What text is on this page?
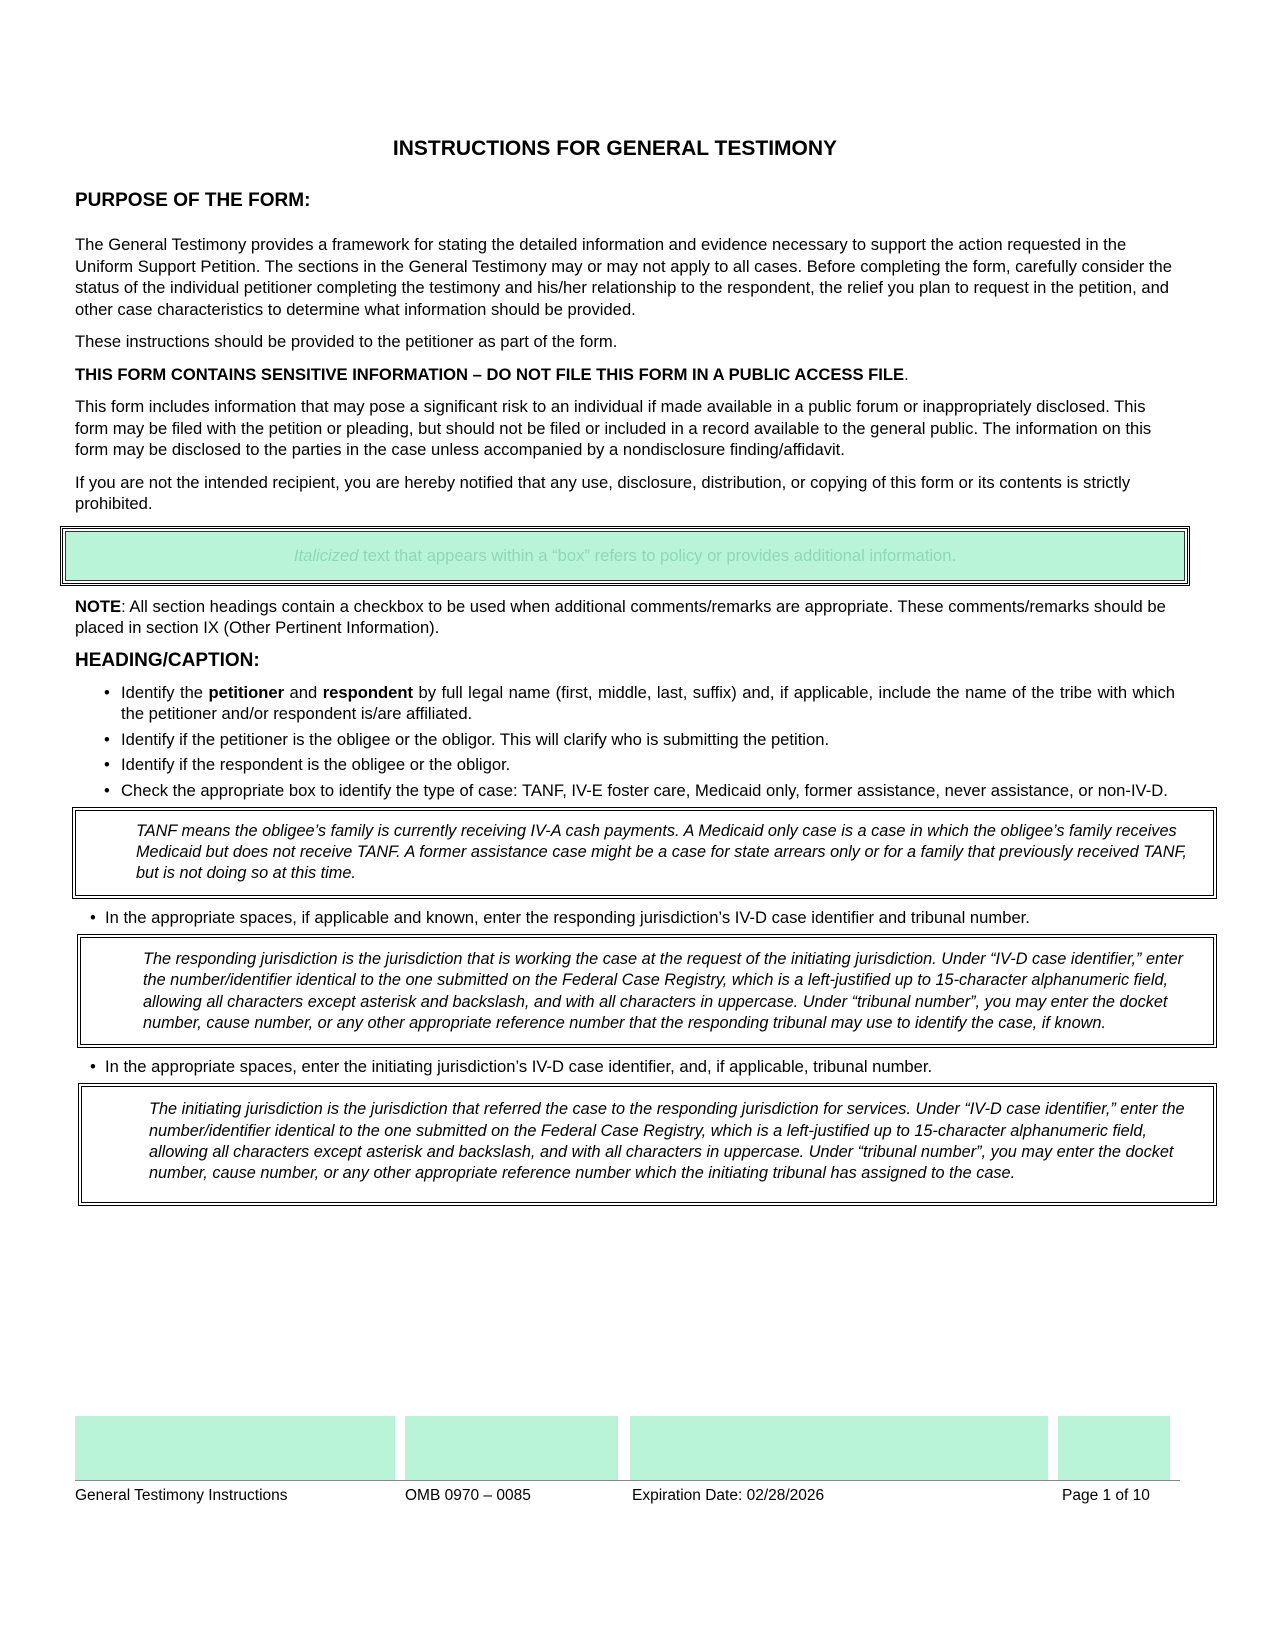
INSTRUCTIONS FOR GENERAL TESTIMONY
PURPOSE OF THE FORM:

The General Testimony provides a framework for stating the detailed information and evidence necessary to support the action requested in the Uniform Support Petition. The sections in the General Testimony may or may not apply to all cases. Before completing the form, carefully consider the status of the individual petitioner completing the testimony and his/her relationship to the respondent, the relief you plan to request in the petition, and other case characteristics to determine what information should be provided.

These instructions should be provided to the petitioner as part of the form.

THIS FORM CONTAINS SENSITIVE INFORMATION – DO NOT FILE THIS FORM IN A PUBLIC ACCESS FILE.

This form includes information that may pose a significant risk to an individual if made available in a public forum or inappropriately disclosed. This form may be filed with the petition or pleading, but should not be filed or included in a record available to the general public. The information on this form may be disclosed to the parties in the case unless accompanied by a nondisclosure finding/affidavit.

If you are not the intended recipient, you are hereby notified that any use, disclosure, distribution, or copying of this form or its contents is strictly prohibited.

Italicized text that appears within a “box” refers to policy or provides additional information.

NOTE: All section headings contain a checkbox to be used when additional comments/remarks are appropriate. These comments/remarks should be placed in section IX (Other Pertinent Information).

HEADING/CAPTION:
• Identify the petitioner and respondent by full legal name (first, middle, last, suffix) and, if applicable, include the name of the tribe with which the petitioner and/or respondent is/are affiliated.
• Identify if the petitioner is the obligee or the obligor. This will clarify who is submitting the petition.
• Identify if the respondent is the obligee or the obligor.
• Check the appropriate box to identify the type of case: TANF, IV-E foster care, Medicaid only, former assistance, never assistance, or non-IV-D.
TANF means the obligee’s family is currently receiving IV-A cash payments. A Medicaid only case is a case in which the obligee’s family receives Medicaid but does not receive TANF. A former assistance case might be a case for state arrears only or for a family that previously received TANF, but is not doing so at this time.
• In the appropriate spaces, if applicable and known, enter the responding jurisdiction’s IV-D case identifier and tribunal number.
The responding jurisdiction is the jurisdiction that is working the case at the request of the initiating jurisdiction. Under “IV-D case identifier,” enter the number/identifier identical to the one submitted on the Federal Case Registry, which is a left-justified up to 15-character alphanumeric field, allowing all characters except asterisk and backslash, and with all characters in uppercase. Under “tribunal number”, you may enter the docket number, cause number, or any other appropriate reference number that the responding tribunal may use to identify the case, if known.
• In the appropriate spaces, enter the initiating jurisdiction’s IV-D case identifier, and, if applicable, tribunal number.
The initiating jurisdiction is the jurisdiction that referred the case to the responding jurisdiction for services. Under “IV-D case identifier,” enter the number/identifier identical to the one submitted on the Federal Case Registry, which is a left-justified up to 15-character alphanumeric field, allowing all characters except asterisk and backslash, and with all characters in uppercase. Under “tribunal number”, you may enter the docket number, cause number, or any other appropriate reference number which the initiating tribunal has assigned to the case.
General Testimony Instructions	OMB 0970 – 0085	Expiration Date: 02/28/2026	Page 1 of 10
